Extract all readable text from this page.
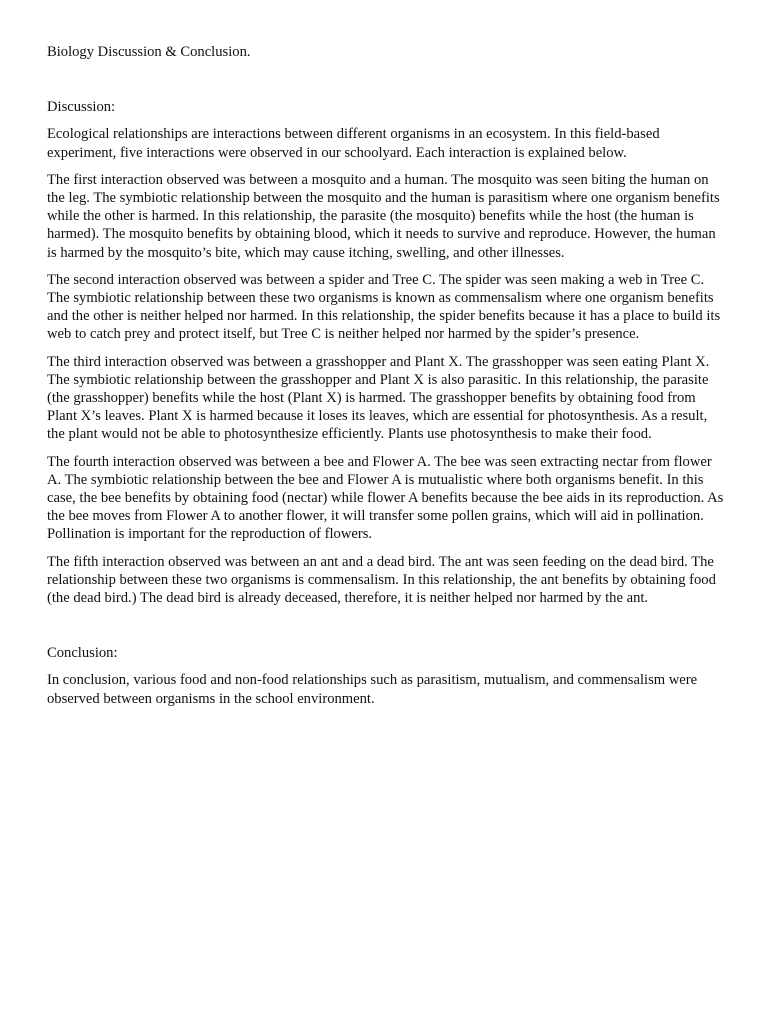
Biology Discussion & Conclusion.

Discussion:

Ecological relationships are interactions between different organisms in an ecosystem. In this field-based experiment, five interactions were observed in our schoolyard. Each interaction is explained below.

The first interaction observed was between a mosquito and a human. The mosquito was seen biting the human on the leg. The symbiotic relationship between the mosquito and the human is parasitism where one organism benefits while the other is harmed. In this relationship, the parasite (the mosquito) benefits while the host (the human is harmed). The mosquito benefits by obtaining blood, which it needs to survive and reproduce. However, the human is harmed by the mosquito’s bite, which may cause itching, swelling, and other illnesses.

The second interaction observed was between a spider and Tree C. The spider was seen making a web in Tree C. The symbiotic relationship between these two organisms is known as commensalism where one organism benefits and the other is neither helped nor harmed. In this relationship, the spider benefits because it has a place to build its web to catch prey and protect itself, but Tree C is neither helped nor harmed by the spider’s presence.

The third interaction observed was between a grasshopper and Plant X. The grasshopper was seen eating Plant X. The symbiotic relationship between the grasshopper and Plant X is also parasitic. In this relationship, the parasite (the grasshopper) benefits while the host (Plant X) is harmed. The grasshopper benefits by obtaining food from Plant X’s leaves. Plant X is harmed because it loses its leaves, which are essential for photosynthesis. As a result, the plant would not be able to photosynthesize efficiently. Plants use photosynthesis to make their food.

The fourth interaction observed was between a bee and Flower A. The bee was seen extracting nectar from flower A. The symbiotic relationship between the bee and Flower A is mutualistic where both organisms benefit. In this case, the bee benefits by obtaining food (nectar) while flower A benefits because the bee aids in its reproduction. As the bee moves from Flower A to another flower, it will transfer some pollen grains, which will aid in pollination. Pollination is important for the reproduction of flowers.

The fifth interaction observed was between an ant and a dead bird. The ant was seen feeding on the dead bird. The relationship between these two organisms is commensalism. In this relationship, the ant benefits by obtaining food (the dead bird.) The dead bird is already deceased, therefore, it is neither helped nor harmed by the ant.

Conclusion:

In conclusion, various food and non-food relationships such as parasitism, mutualism, and commensalism were observed between organisms in the school environment.
